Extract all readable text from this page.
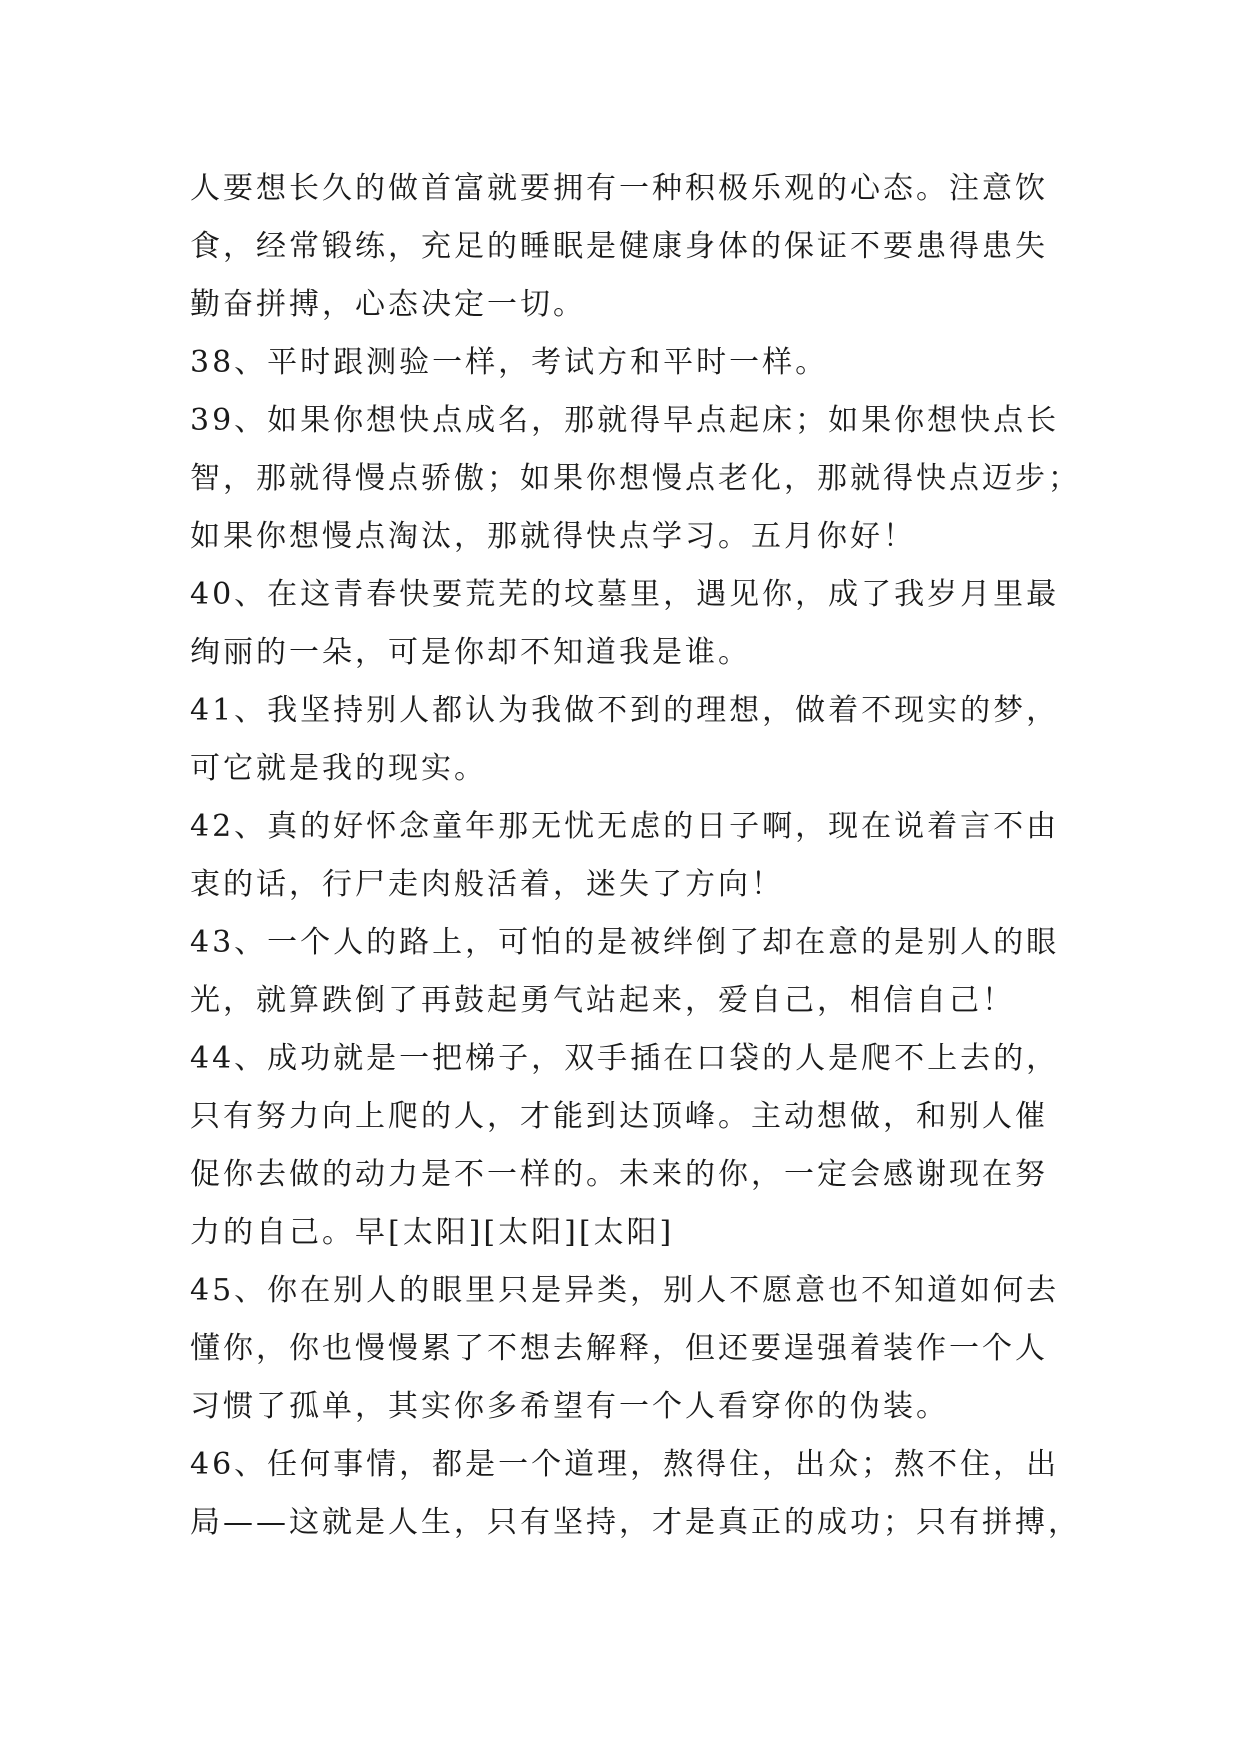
人要想长久的做首富就要拥有一种积极乐观的心态。注意饮
食，经常锻练，充足的睡眠是健康身体的保证不要患得患失
勤奋拼搏，心态决定一切。
38、平时跟测验一样，考试方和平时一样。
39、如果你想快点成名，那就得早点起床；如果你想快点长
智，那就得慢点骄傲；如果你想慢点老化，那就得快点迈步；
如果你想慢点淘汰，那就得快点学习。五月你好！
40、在这青春快要荒芜的坟墓里，遇见你，成了我岁月里最
绚丽的一朵，可是你却不知道我是谁。
41、我坚持别人都认为我做不到的理想，做着不现实的梦，
可它就是我的现实。
42、真的好怀念童年那无忧无虑的日子啊，现在说着言不由
衷的话，行尸走肉般活着，迷失了方向！
43、一个人的路上，可怕的是被绊倒了却在意的是别人的眼
光，就算跌倒了再鼓起勇气站起来，爱自己，相信自己！
44、成功就是一把梯子，双手插在口袋的人是爬不上去的，
只有努力向上爬的人，才能到达顶峰。主动想做，和别人催
促你去做的动力是不一样的。未来的你，一定会感谢现在努
力的自己。早[太阳][太阳][太阳]
45、你在别人的眼里只是异类，别人不愿意也不知道如何去
懂你，你也慢慢累了不想去解释，但还要逞强着装作一个人
习惯了孤单，其实你多希望有一个人看穿你的伪装。
46、任何事情，都是一个道理，熬得住，出众；熬不住，出
局——这就是人生，只有坚持，才是真正的成功；只有拼搏，
